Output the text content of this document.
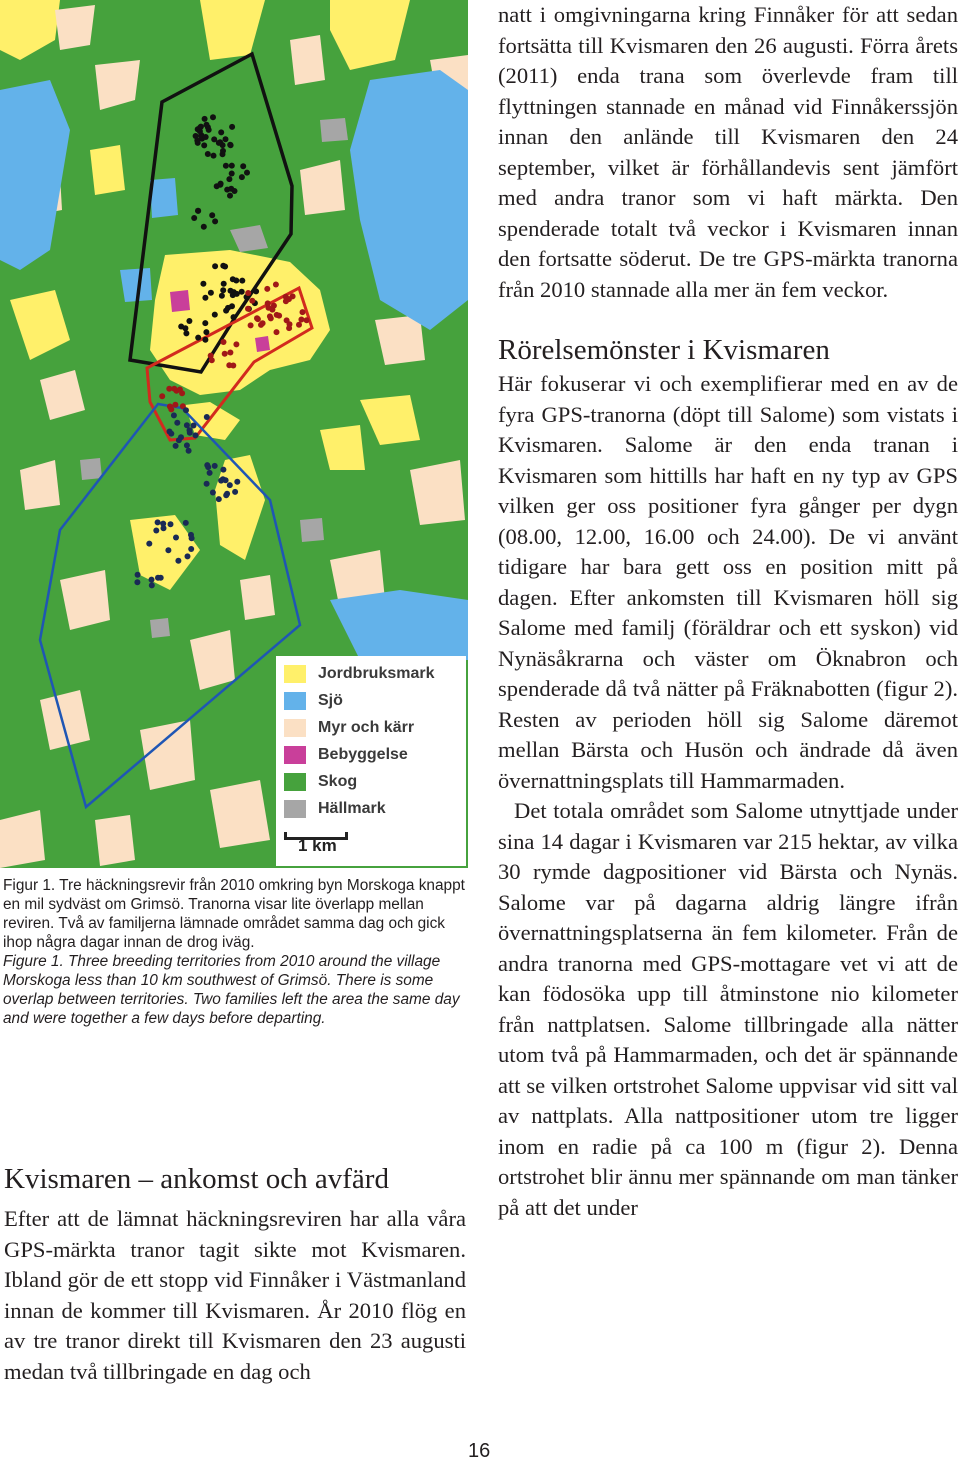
Jordbruksmark
Sjö
Myr och kärr
Bebyggelse
Skog
Hällmark
1 km

Figur 1. Tre häckningsrevir från 2010 omkring byn Morskoga knappt en mil sydväst om Grimsö. Tranorna visar lite överlapp mellan reviren. Två av familjerna lämnade området samma dag och gick ihop några dagar innan de drog iväg.

Figure 1. Three breeding territories from 2010 around the village Morskoga less than 10 km southwest of Grimsö. There is some overlap between territories. Two families left the area the same day and were together a few days before departing.

Kvismaren – ankomst och avfärd

Efter att de lämnat häckningsreviren har alla våra GPS-märkta tranor tagit sikte mot Kvismaren. Ibland gör de ett stopp vid Finnåker i Västmanland innan de kommer till Kvismaren. År 2010 flög en av tre tranor direkt till Kvismaren den 23 augusti medan två tillbringade en dag och

natt i omgivningarna kring Finnåker för att sedan fortsätta till Kvismaren den 26 augusti. Förra årets (2011) enda trana som överlevde fram till flyttningen stannade en månad vid Finnåkerssjön innan den anlände till Kvismaren den 24 september, vilket är förhållandevis sent jämfört med andra tranor som vi haft märkta. Den spenderade totalt två veckor i Kvismaren innan den fortsatte söderut. De tre GPS-märkta tranorna från 2010 stannade alla mer än fem veckor.

Rörelsemönster i Kvismaren

Här fokuserar vi och exemplifierar med en av de fyra GPS-tranorna (döpt till Salome) som vistats i Kvismaren. Salome är den enda tranan i Kvismaren som hittills har haft en ny typ av GPS vilken ger oss positioner fyra gånger per dygn (08.00, 12.00, 16.00 och 24.00). De vi använt tidigare har bara gett oss en position mitt på dagen. Efter ankomsten till Kvismaren höll sig Salome med familj (föräldrar och ett syskon) vid Nynäsåkrarna och väster om Öknabron och spenderade då två nätter på Fräknabotten (figur 2). Resten av perioden höll sig Salome däremot mellan Bärsta och Husön och ändrade då även övernattningsplats till Hammarmaden.

Det totala området som Salome utnyttjade under sina 14 dagar i Kvismaren var 215 hektar, av vilka 30 rymde dagpositioner vid Bärsta och Nynäs. Salome var på dagarna aldrig längre ifrån övernattningsplatserna än fem kilometer. Från de andra tranorna med GPS-mottagare vet vi att de kan födosöka upp till åtminstone nio kilometer från nattplatsen. Salome tillbringade alla nätter utom två på Hammarmaden, och det är spännande att se vilken ortstrohet Salome uppvisar vid sitt val av nattplats. Alla nattpositioner utom tre ligger inom en radie på ca 100 m (figur 2). Denna ortstrohet blir ännu mer spännande om man tänker på att det under

16
